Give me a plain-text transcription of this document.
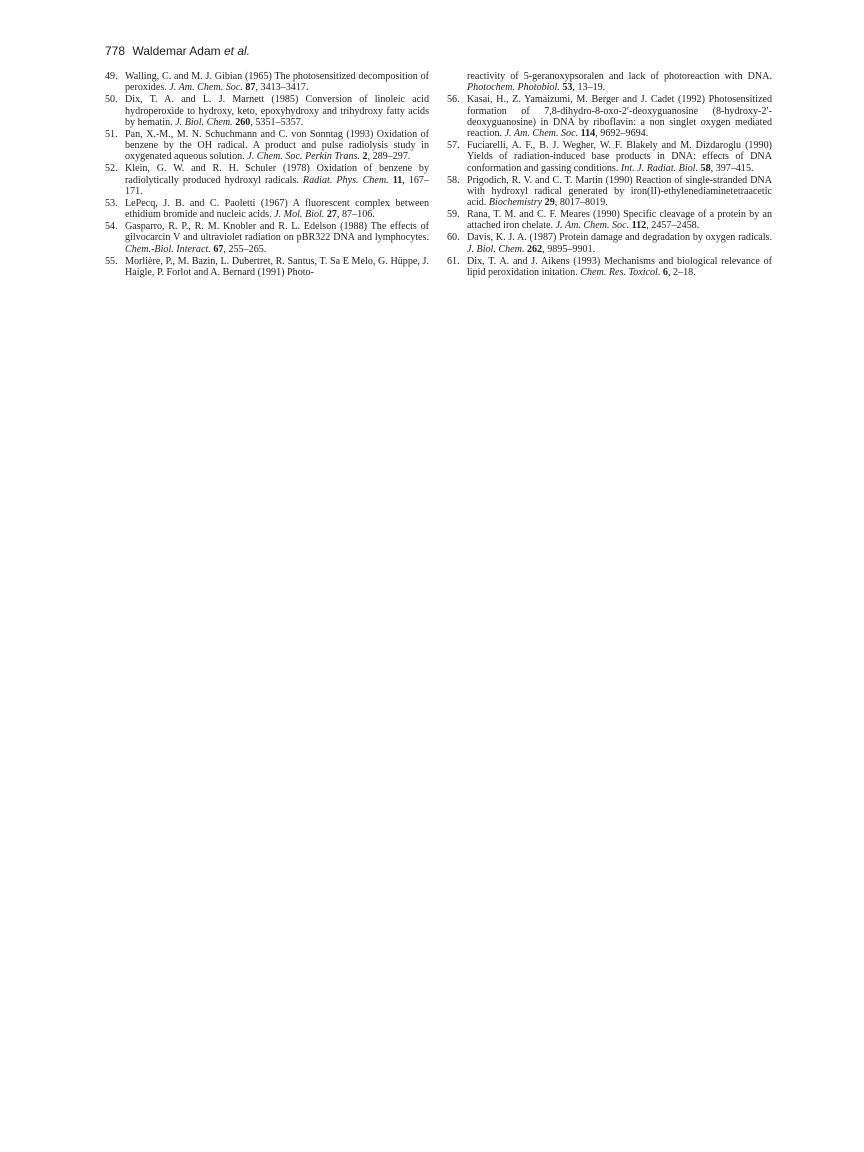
778 Waldemar Adam et al.
49. Walling, C. and M. J. Gibian (1965) The photosensitized decomposition of peroxides. J. Am. Chem. Soc. 87, 3413–3417.
50. Dix, T. A. and L. J. Marnett (1985) Conversion of linoleic acid hydroperoxide to hydroxy, keto, epoxyhydroxy and trihydroxy fatty acids by hematin. J. Biol. Chem. 260, 5351–5357.
51. Pan, X.-M., M. N. Schuchmann and C. von Sonntag (1993) Oxidation of benzene by the OH radical. A product and pulse radiolysis study in oxygenated aqueous solution. J. Chem. Soc. Perkin Trans. 2, 289–297.
52. Klein, G. W. and R. H. Schuler (1978) Oxidation of benzene by radiolytically produced hydroxyl radicals. Radiat. Phys. Chem. 11, 167–171.
53. LePecq, J. B. and C. Paoletti (1967) A fluorescent complex between ethidium bromide and nucleic acids. J. Mol. Biol. 27, 87–106.
54. Gasparro, R. P., R. M. Knobler and R. L. Edelson (1988) The effects of gilvocarcin V and ultraviolet radiation on pBR322 DNA and lymphocytes. Chem.-Biol. Interact. 67, 255–265.
55. Morlière, P., M. Bazin, L. Dubertret, R. Santus, T. Sa E Melo, G. Hüppe, J. Haigle, P. Forlot and A. Bernard (1991) Photo-
reactivity of 5-geranoxypsoralen and lack of photoreaction with DNA. Photochem. Photobiol. 53, 13–19.
56. Kasai, H., Z. Yamaizumi, M. Berger and J. Cadet (1992) Photosensitized formation of 7,8-dihydro-8-oxo-2′-deoxyguanosine (8-hydroxy-2′-deoxyguanosine) in DNA by riboflavin: a non singlet oxygen mediated reaction. J. Am. Chem. Soc. 114, 9692–9694.
57. Fuciarelli, A. F., B. J. Wegher, W. F. Blakely and M. Dizdaroglu (1990) Yields of radiation-induced base products in DNA: effects of DNA conformation and gassing conditions. Int. J. Radiat. Biol. 58, 397–415.
58. Prigodich, R. V. and C. T. Martin (1990) Reaction of single-stranded DNA with hydroxyl radical generated by iron(II)-ethylenediaminetetraacetic acid. Biochemistry 29, 8017–8019.
59. Rana, T. M. and C. F. Meares (1990) Specific cleavage of a protein by an attached iron chelate. J. Am. Chem. Soc. 112, 2457–2458.
60. Davis, K. J. A. (1987) Protein damage and degradation by oxygen radicals. J. Biol. Chem. 262, 9895–9901.
61. Dix, T. A. and J. Aikens (1993) Mechanisms and biological relevance of lipid peroxidation initation. Chem. Res. Toxicol. 6, 2–18.
